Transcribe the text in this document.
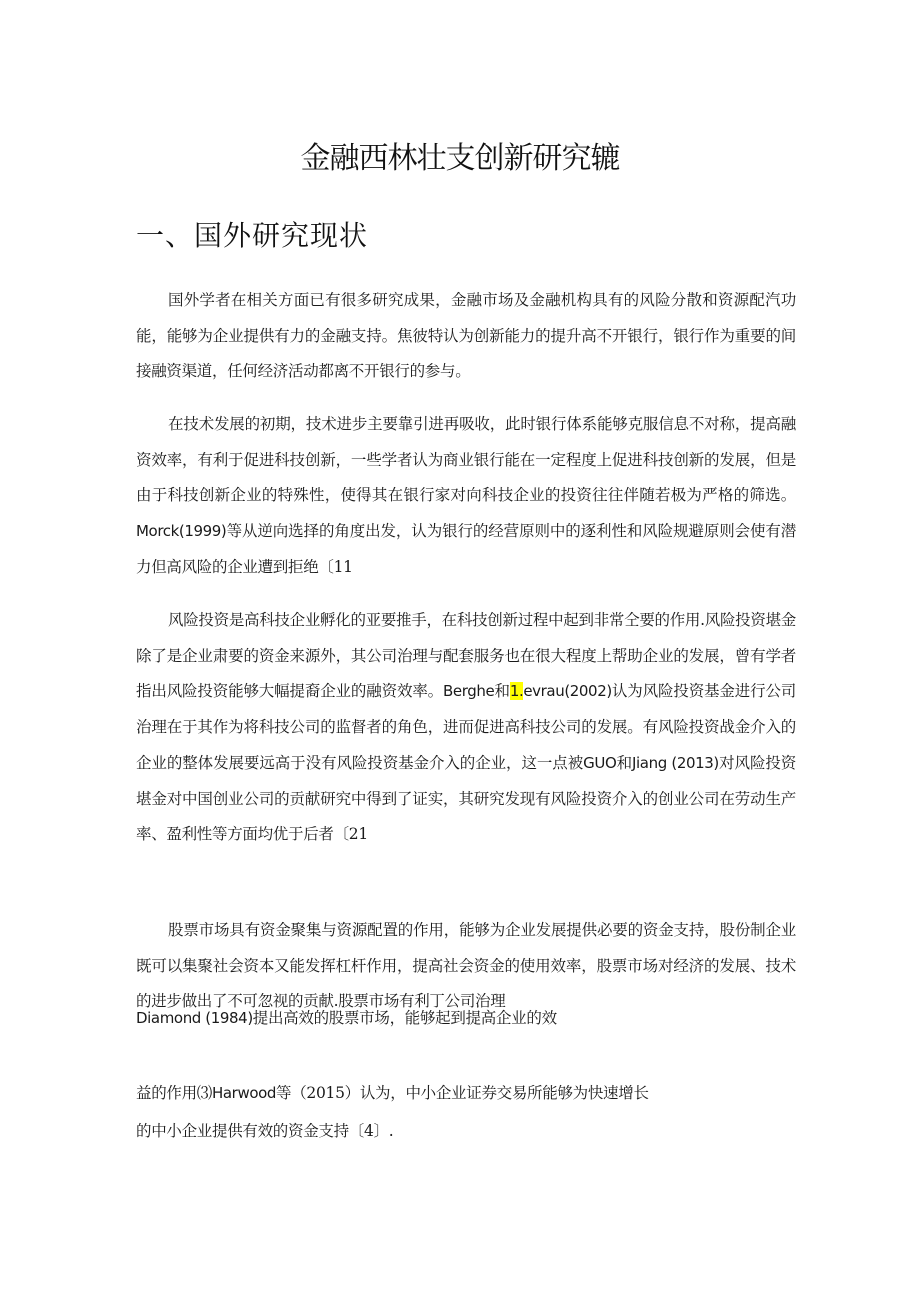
金融西林壮支创新研究辘
一、国外研究现状
国外学者在相关方面已有很多研究成果，金融市场及金融机构具有的风险分散和资源配汽功能，能够为企业提供有力的金融支持。焦彼特认为创新能力的提升高不开银行，银行作为重要的间接融资渠道，任何经济活动都离不开银行的参与。
在技术发展的初期，技术进步主要靠引进再吸收，此时银行体系能够克服信息不对称，提高融资效率，有利于促进科技创新，一些学者认为商业银行能在一定程度上促进科技创新的发展，但是由于科技创新企业的特殊性，使得其在银行家对向科技企业的投资往往伴随若极为严格的筛选。Morck(1999)等从逆向选择的角度出发，认为银行的经营原则中的逐利性和风险规避原则会使有潜力但高风险的企业遭到拒绝〔11
风险投资是高科技企业孵化的亚要推手，在科技创新过程中起到非常仝要的作用.风险投资堪金除了是企业肃要的资金来源外，其公司治理与配套服务也在很大程度上帮助企业的发展，曾有学者指出风险投资能够大幅提裔企业的融资效率。Berghe和1.evrau(2002)认为风险投资基金进行公司治理在于其作为将科技公司的监督者的角色，进而促进高科技公司的发展。有风险投资战金介入的企业的整体发展要远高于没有风险投资基金介入的企业，这一点被GUO和Jiang (2013)对风险投资堪金对中国创业公司的贡献研究中得到了证实，其研究发现有风险投资介入的创业公司在劳动生产率、盈利性等方面均优于后者〔21
股票市场具有资金聚集与资源配置的作用，能够为企业发展提供必要的资金支持，股份制企业既可以集聚社会资本又能发挥杠杆作用，提高社会资金的使用效率，股票市场对经济的发展、技术的进步做出了不可忽视的贡献.股票市场有利丁公司治理
Diamond (1984)提出高效的股票市场，能够起到提高企业的效
益的作用⑶Harwood等（2015）认为，中小企业证券交易所能够为快速增长
的中小企业提供有效的资金支持〔4〕.
